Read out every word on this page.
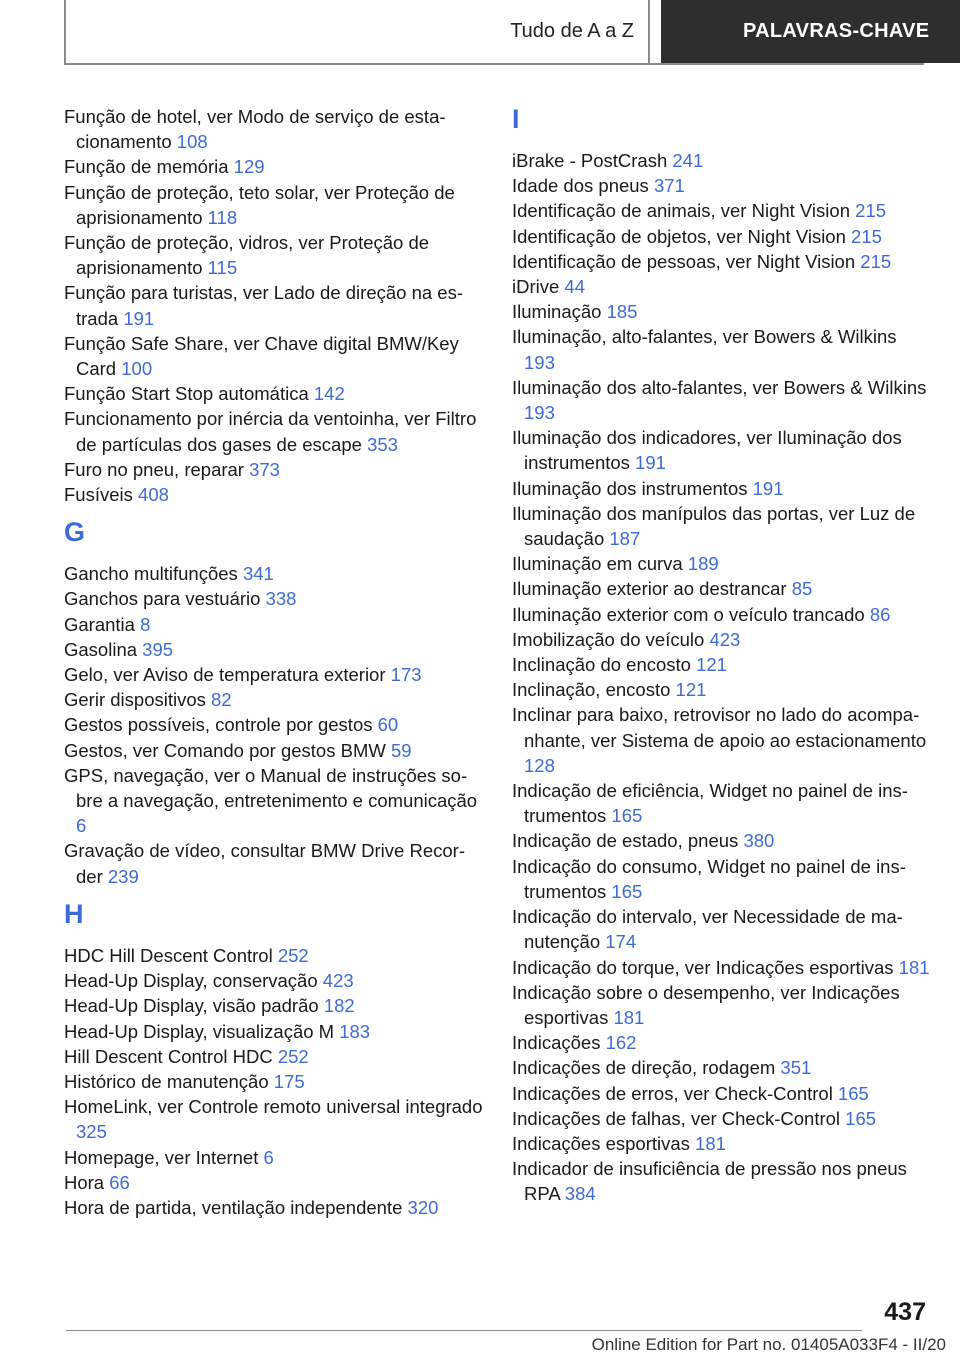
Tudo de A a Z	PALAVRAS-CHAVE
Função de hotel, ver Modo de serviço de estacionamento 108
Função de memória 129
Função de proteção, teto solar, ver Proteção de aprisionamento 118
Função de proteção, vidros, ver Proteção de aprisionamento 115
Função para turistas, ver Lado de direção na estrada 191
Função Safe Share, ver Chave digital BMW/Key Card 100
Função Start Stop automática 142
Funcionamento por inércia da ventoinha, ver Filtro de partículas dos gases de escape 353
Furo no pneu, reparar 373
Fusíveis 408
G
Gancho multifunções 341
Ganchos para vestuário 338
Garantia 8
Gasolina 395
Gelo, ver Aviso de temperatura exterior 173
Gerir dispositivos 82
Gestos possíveis, controle por gestos 60
Gestos, ver Comando por gestos BMW 59
GPS, navegação, ver o Manual de instruções sobre a navegação, entretenimento e comunicação 6
Gravação de vídeo, consultar BMW Drive Recorder 239
H
HDC Hill Descent Control 252
Head-Up Display, conservação 423
Head-Up Display, visão padrão 182
Head-Up Display, visualização M 183
Hill Descent Control HDC 252
Histórico de manutenção 175
HomeLink, ver Controle remoto universal integrado 325
Homepage, ver Internet 6
Hora 66
Hora de partida, ventilação independente 320
I
iBrake - PostCrash 241
Idade dos pneus 371
Identificação de animais, ver Night Vision 215
Identificação de objetos, ver Night Vision 215
Identificação de pessoas, ver Night Vision 215
iDrive 44
Iluminação 185
Iluminação, alto-falantes, ver Bowers & Wilkins 193
Iluminação dos alto-falantes, ver Bowers & Wilkins 193
Iluminação dos indicadores, ver Iluminação dos instrumentos 191
Iluminação dos instrumentos 191
Iluminação dos manípulos das portas, ver Luz de saudação 187
Iluminação em curva 189
Iluminação exterior ao destrancar 85
Iluminação exterior com o veículo trancado 86
Imobilização do veículo 423
Inclinação do encosto 121
Inclinação, encosto 121
Inclinar para baixo, retrovisor no lado do acompanhante, ver Sistema de apoio ao estacionamento 128
Indicação de eficiência, Widget no painel de instrumentos 165
Indicação de estado, pneus 380
Indicação do consumo, Widget no painel de instrumentos 165
Indicação do intervalo, ver Necessidade de manutenção 174
Indicação do torque, ver Indicações esportivas 181
Indicação sobre o desempenho, ver Indicações esportivas 181
Indicações 162
Indicações de direção, rodagem 351
Indicações de erros, ver Check-Control 165
Indicações de falhas, ver Check-Control 165
Indicações esportivas 181
Indicador de insuficiência de pressão nos pneus RPA 384
437
Online Edition for Part no. 01405A033F4 - II/20
